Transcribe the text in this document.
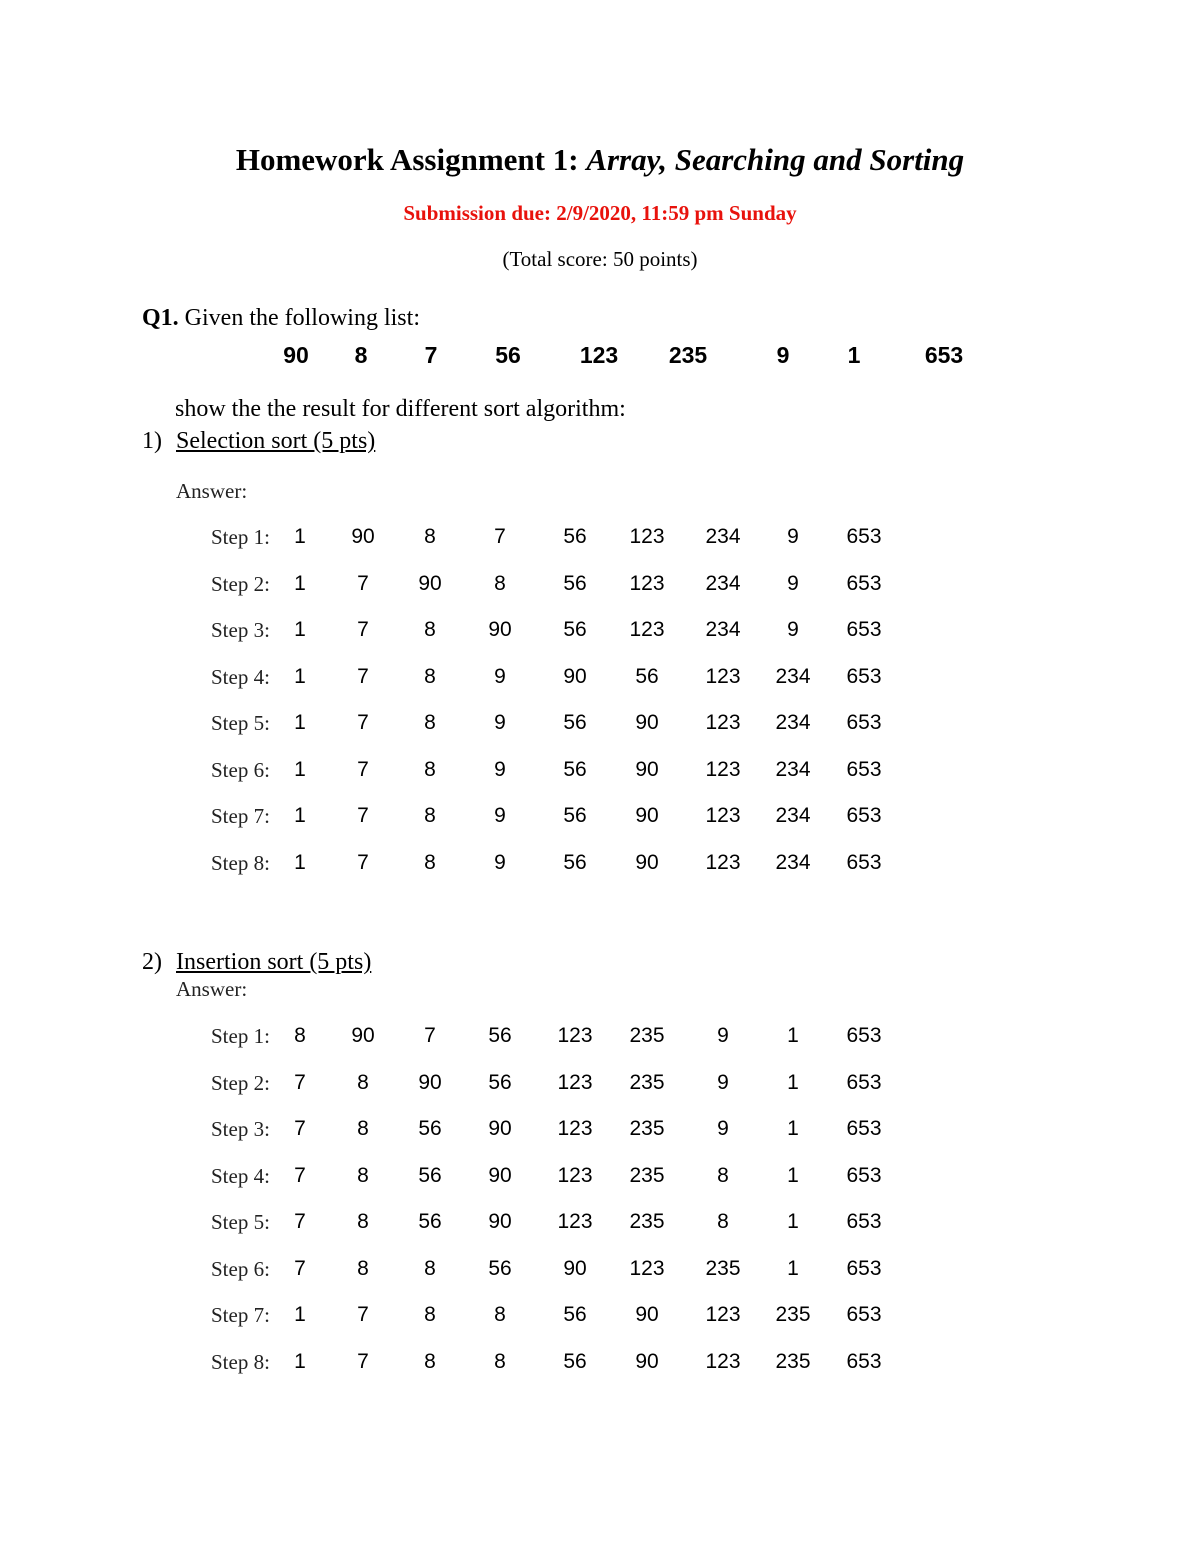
Homework Assignment 1: Array, Searching and Sorting
Submission due: 2/9/2020, 11:59 pm Sunday
(Total score: 50 points)
Q1. Given the following list:
90	8	7	56	123	235	9	1	653
show the the result for different sort algorithm:
1) Selection sort (5 pts)
Answer:
Step 1:	1	90	8	7	56	123	234	9	653
Step 2:	1	7	90	8	56	123	234	9	653
Step 3:	1	7	8	90	56	123	234	9	653
Step 4:	1	7	8	9	90	56	123	234	653
Step 5:	1	7	8	9	56	90	123	234	653
Step 6:	1	7	8	9	56	90	123	234	653
Step 7:	1	7	8	9	56	90	123	234	653
Step 8:	1	7	8	9	56	90	123	234	653
2) Insertion sort (5 pts)
Answer:
Step 1:	8	90	7	56	123	235	9	1	653
Step 2:	7	8	90	56	123	235	9	1	653
Step 3:	7	8	56	90	123	235	9	1	653
Step 4:	7	8	56	90	123	235	8	1	653
Step 5:	7	8	56	90	123	235	8	1	653
Step 6:	7	8	8	56	90	123	235	1	653
Step 7:	1	7	8	8	56	90	123	235	653
Step 8:	1	7	8	8	56	90	123	235	653
